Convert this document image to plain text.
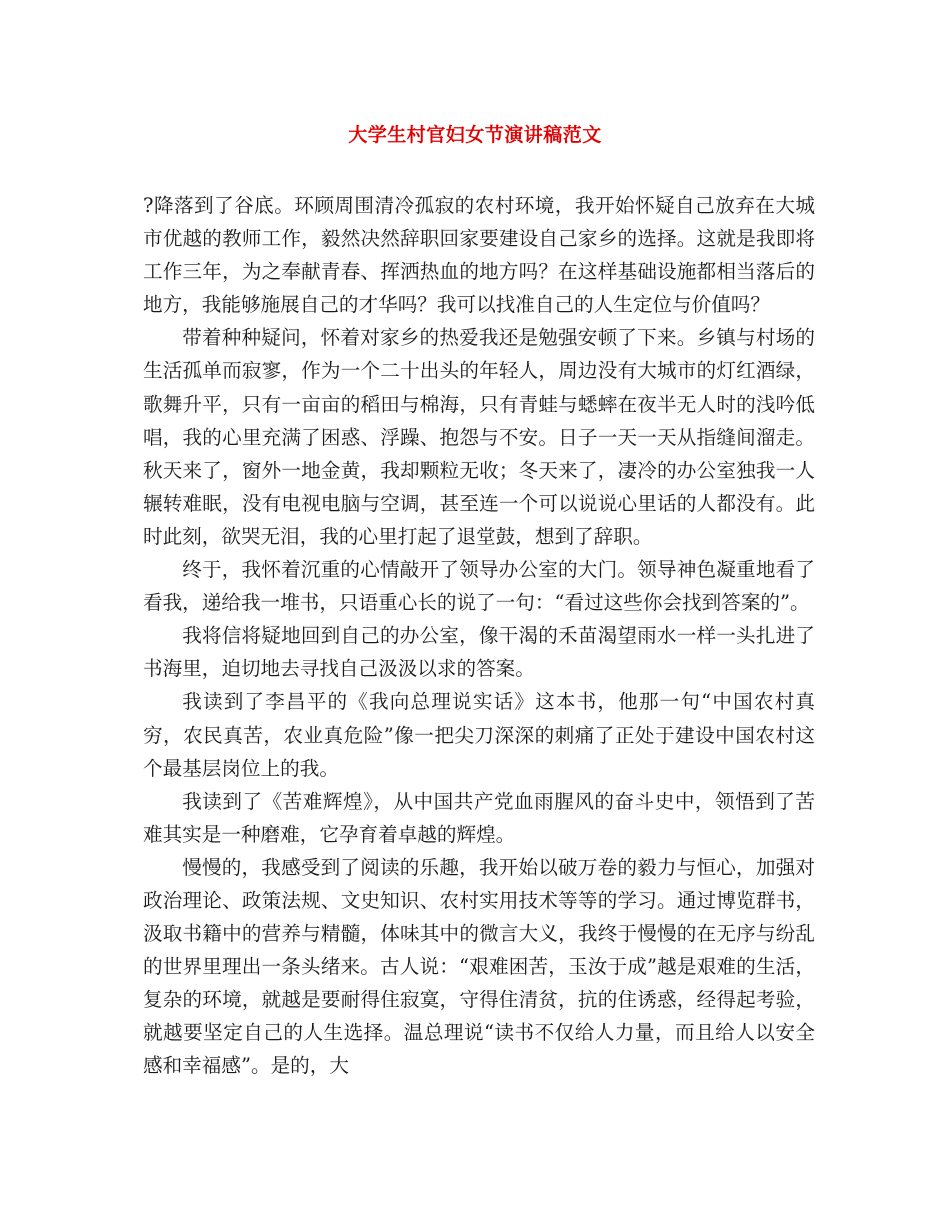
大学生村官妇女节演讲稿范文

?降落到了谷底。环顾周围清冷孤寂的农村环境，我开始怀疑自己放弃在大城市优越的教师工作，毅然决然辞职回家要建设自己家乡的选择。这就是我即将工作三年，为之奉献青春、挥洒热血的地方吗？在这样基础设施都相当落后的地方，我能够施展自己的才华吗？我可以找准自己的人生定位与价值吗？

带着种种疑问，怀着对家乡的热爱我还是勉强安顿了下来。乡镇与村场的生活孤单而寂寥，作为一个二十出头的年轻人，周边没有大城市的灯红酒绿，歌舞升平，只有一亩亩的稻田与棉海，只有青蛙与蟋蟀在夜半无人时的浅吟低唱，我的心里充满了困惑、浮躁、抱怨与不安。日子一天一天从指缝间溜走。秋天来了，窗外一地金黄，我却颗粒无收；冬天来了，凄冷的办公室独我一人辗转难眠，没有电视电脑与空调，甚至连一个可以说说心里话的人都没有。此时此刻，欲哭无泪，我的心里打起了退堂鼓，想到了辞职。

终于，我怀着沉重的心情敲开了领导办公室的大门。领导神色凝重地看了看我，递给我一堆书，只语重心长的说了一句：“看过这些你会找到答案的”。

我将信将疑地回到自己的办公室，像干渴的禾苗渴望雨水一样一头扎进了书海里，迫切地去寻找自己汲汲以求的答案。

我读到了李昌平的《我向总理说实话》这本书，他那一句“中国农村真穷，农民真苦，农业真危险”像一把尖刀深深的刺痛了正处于建设中国农村这个最基层岗位上的我。

我读到了《苦难辉煌》，从中国共产党血雨腥风的奋斗史中，领悟到了苦难其实是一种磨难，它孕育着卓越的辉煌。

慢慢的，我感受到了阅读的乐趣，我开始以破万卷的毅力与恒心，加强对政治理论、政策法规、文史知识、农村实用技术等等的学习。通过博览群书，汲取书籍中的营养与精髓，体味其中的微言大义，我终于慢慢的在无序与纷乱的世界里理出一条头绪来。古人说：“艰难困苦，玉汝于成”越是艰难的生活，复杂的环境，就越是要耐得住寂寞，守得住清贫，抗的住诱惑，经得起考验，就越要坚定自己的人生选择。温总理说“读书不仅给人力量，而且给人以安全感和幸福感”。是的，大
